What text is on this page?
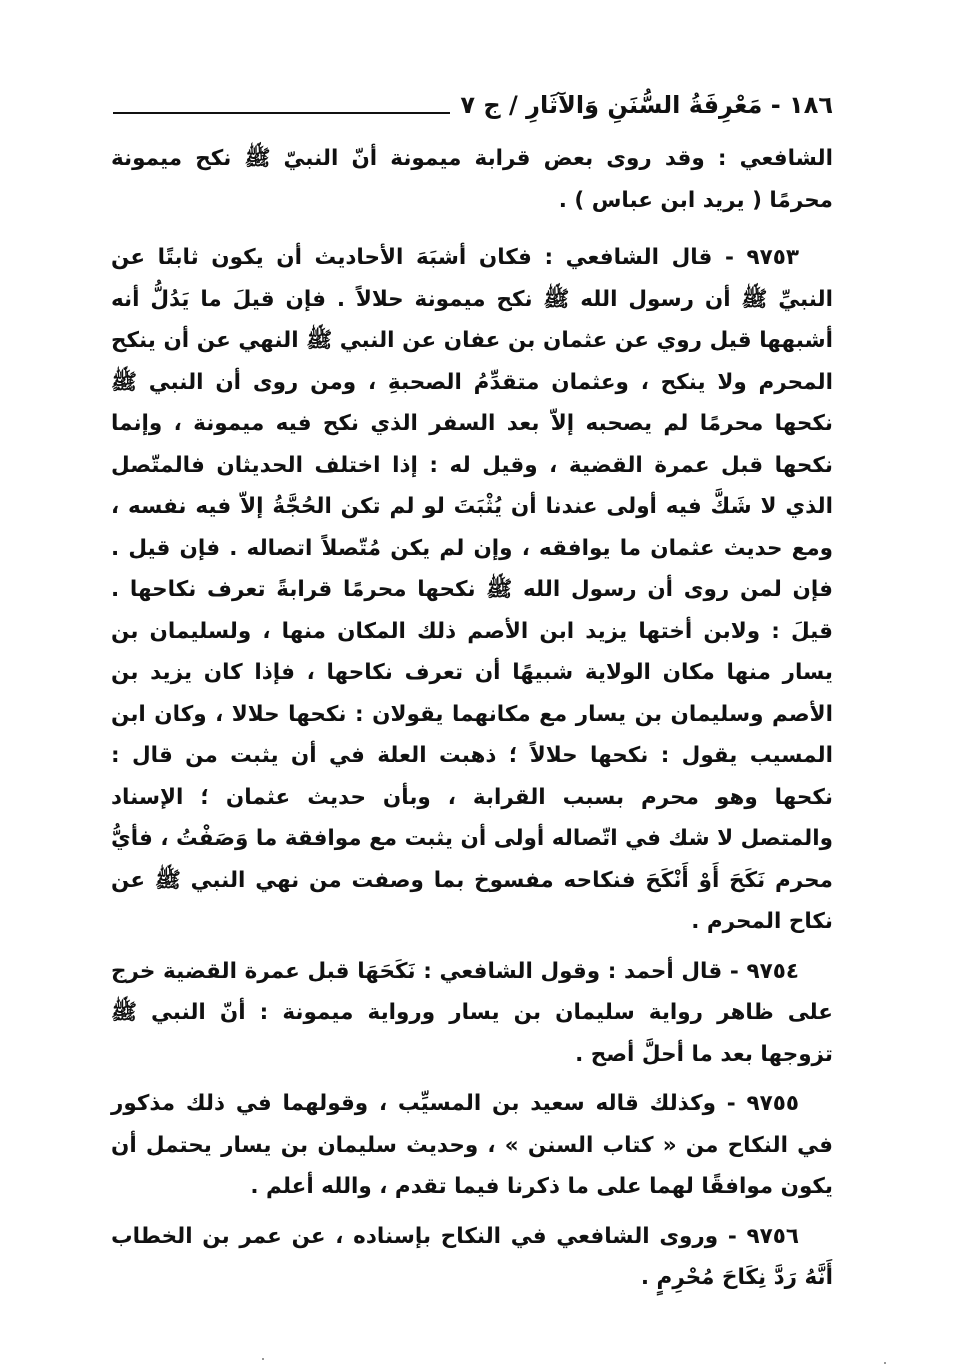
١٨٦ - مَعْرِفَةُ السُّنَنِ وَالآثَارِ / ج ٧

الشافعي : وقد روى بعض قرابة ميمونة أنّ النبيّ ﷺ نكح ميمونة محرمًا ( يريد ابن عباس ) .

٩٧٥٣ - قال الشافعي : فكان أشبَهَ الأحاديث أن يكون ثابتًا عن النبيِّ ﷺ أن رسول الله ﷺ نكح ميمونة حلالاً . فإن قيلَ ما يَدُلُّ أنه أشبهها قيل روي عن عثمان بن عفان عن النبي ﷺ النهي عن أن ينكح المحرم ولا ينكح ، وعثمان متقدِّمُ الصحبةِ ، ومن روى أن النبي ﷺ نكحها محرمًا لم يصحبه إلاّ بعد السفر الذي نكح فيه ميمونة ، وإنما نكحها قبل عمرة القضية ، وقيل له : إذا اختلف الحديثان فالمتّصل الذي لا شَكَّ فيه أولى عندنا أن يُثْبَتَ لو لم تكن الحُجَّةُ إلاّ فيه نفسه ، ومع حديث عثمان ما يوافقه ، وإن لم يكن مُتّصلاً اتصاله . فإن قيل . فإن لمن روى أن رسول الله ﷺ نكحها محرمًا قرابةً تعرف نكاحها . قيلَ : ولابن أختها يزيد ابن الأصم ذلك المكان منها ، ولسليمان بن يسار منها مكان الولاية شبيهًا أن تعرف نكاحها ، فإذا كان يزيد بن الأصم وسليمان بن يسار مع مكانهما يقولان : نكحها حلالا ، وكان ابن المسيب يقول : نكحها حلالاً ؛ ذهبت العلة في أن يثبت من قال : نكحها وهو محرم بسبب القرابة ، وبأن حديث عثمان ؛ الإسناد والمتصل لا شك في اتّصاله أولى أن يثبت مع موافقة ما وَصَفْتُ ، فأيُّ محرم نَكَحَ أَوْ أَنْكَحَ فنكاحه مفسوخ بما وصفت من نهي النبي ﷺ عن نكاح المحرم .

٩٧٥٤ - قال أحمد : وقول الشافعي : نَكَحَهَا قبل عمرة القضية خرج على ظاهر رواية سليمان بن يسار ورواية ميمونة : أنّ النبي ﷺ تزوجها بعد ما أحلَّ أصح .

٩٧٥٥ - وكذلك قاله سعيد بن المسيِّب ، وقولهما في ذلك مذكور في النكاح من « كتاب السنن » ، وحديث سليمان بن يسار يحتمل أن يكون موافقًا لهما على ما ذكرنا فيما تقدم ، والله أعلم .

٩٧٥٦ - وروى الشافعي في النكاح بإسناده ، عن عمر بن الخطاب أَنَّهُ رَدَّ نِكَاحَ مُحْرِمٍ .
